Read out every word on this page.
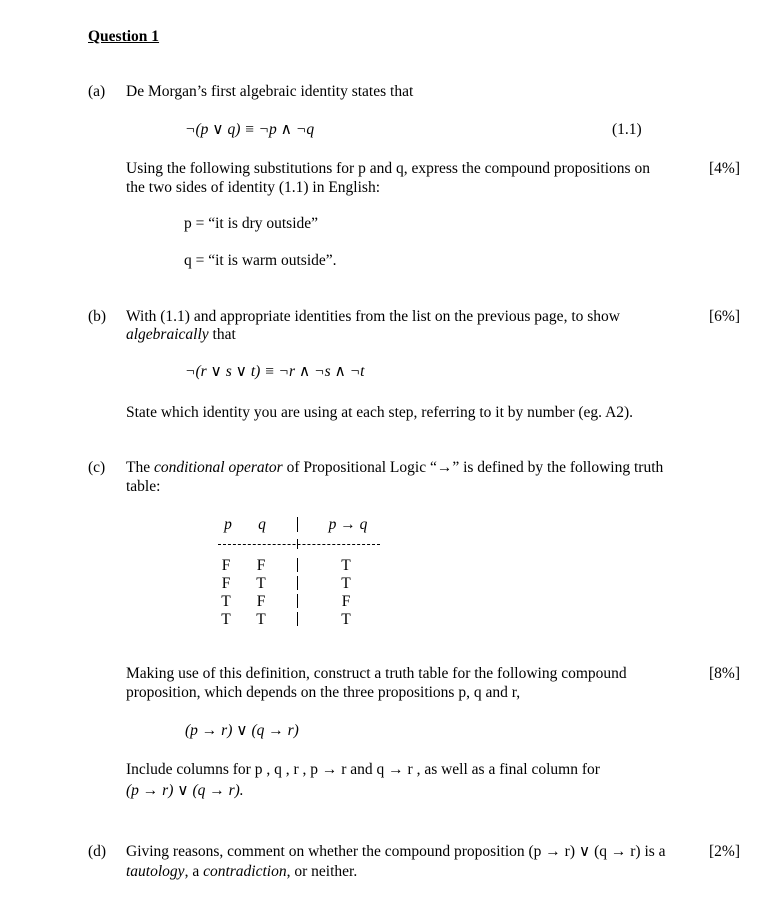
Question 1
(a) De Morgan’s first algebraic identity states that
¬(p ∨ q) ≡ ¬p ∧ ¬q	(1.1)
Using the following substitutions for p and q, express the compound propositions on
the two sides of identity (1.1) in English:
[4%]
p = “it is dry outside”
q = “it is warm outside”.
(b) With (1.1) and appropriate identities from the list on the previous page, to show
algebraically that
[6%]
¬(r ∨ s ∨ t) ≡ ¬r ∧ ¬s ∧ ¬t
State which identity you are using at each step, referring to it by number (eg. A2).
(c) The conditional operator of Propositional Logic “→” is defined by the following truth
table:
p	q	p → q
F	F	T
F	T	T
T	F	F
T	T	T
Making use of this definition, construct a truth table for the following compound
proposition, which depends on the three propositions p, q and r,
[8%]
(p → r) ∨ (q → r)
Include columns for p , q , r , p → r and q → r , as well as a final column for
(p → r) ∨ (q → r).
(d) Giving reasons, comment on whether the compound proposition (p → r) ∨ (q → r) is a
tautology, a contradiction, or neither.
[2%]
